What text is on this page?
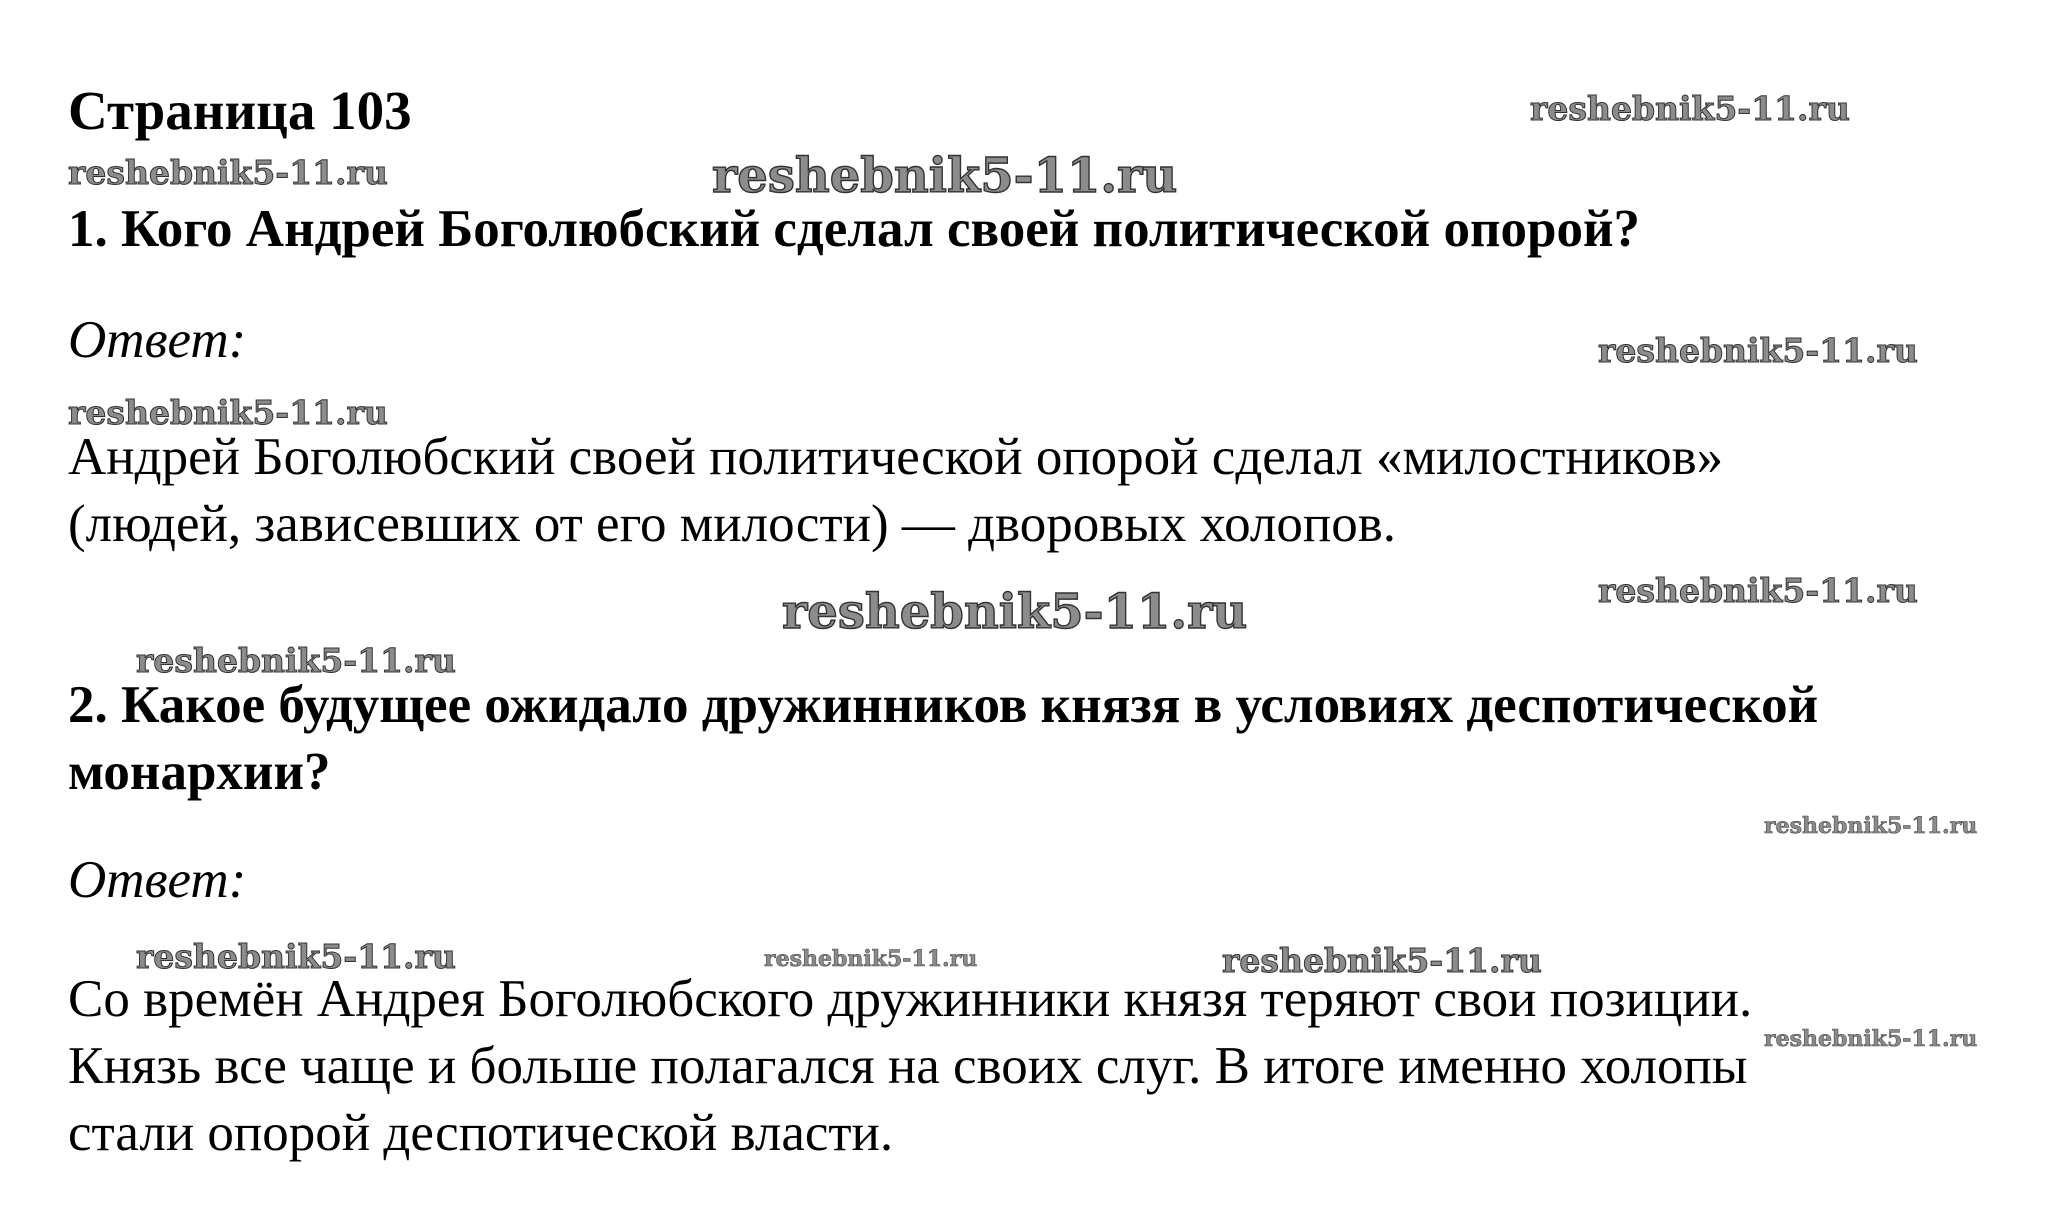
Страница 103

1. Кого Андрей Боголюбский сделал своей политической опорой?

Ответ:

Андрей Боголюбский своей политической опорой сделал «милостников»
(людей, зависевших от его милости) — дворовых холопов.
2. Какое будущее ожидало дружинников князя в условиях деспотической
монархии?

Ответ:

Со времён Андрея Боголюбского дружинники князя теряют свои позиции.
Князь все чаще и больше полагался на своих слуг. В итоге именно холопы
стали опорой деспотической власти.
reshebnik5-11.ru
reshebnik5-11.ru	reshebnik5-11.ru
reshebnik5-11.ru
reshebnik5-11.ru
reshebnik5-11.ru
reshebnik5-11.ru
reshebnik5-11.ru
reshebnik5-11.ru
reshebnik5-11.ru	reshebnik5-11.ru	reshebnik5-11.ru
reshebnik5-11.ru
